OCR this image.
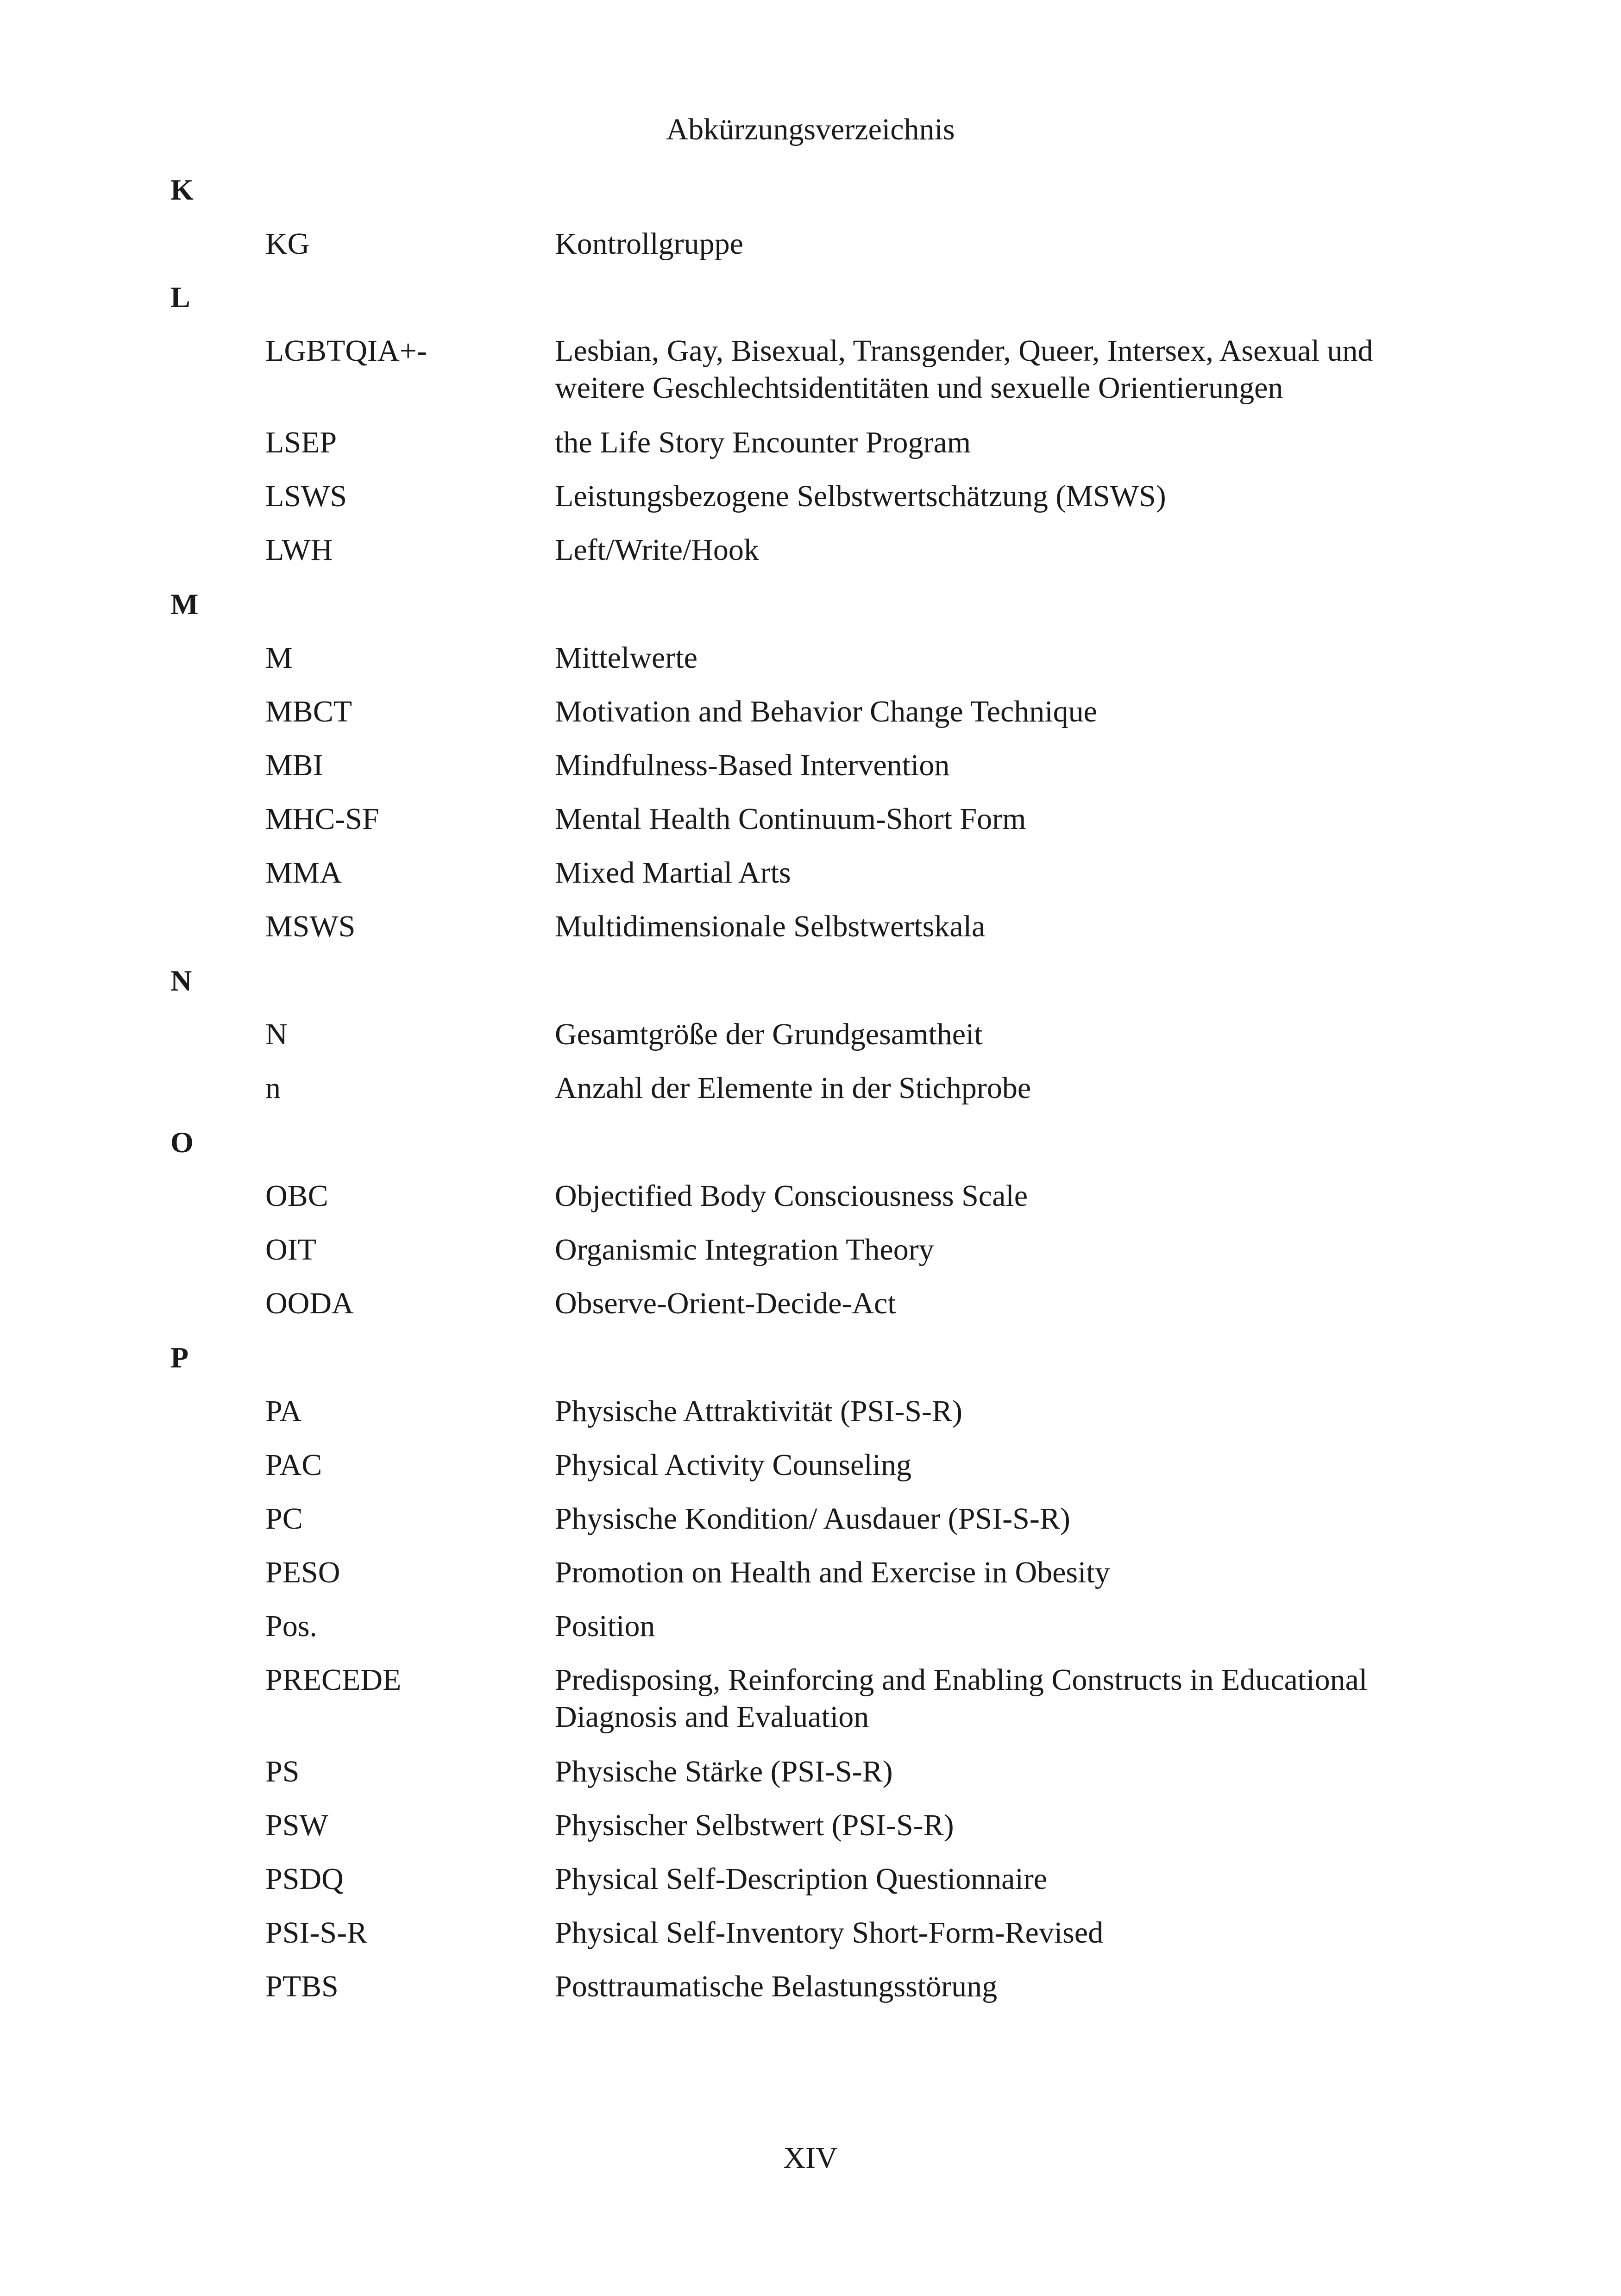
Abkürzungsverzeichnis
K
KG	Kontrollgruppe
L
LGBTQIA+-	Lesbian, Gay, Bisexual, Transgender, Queer, Intersex, Asexual und weitere Geschlechtsidentitäten und sexuelle Orientierungen
LSEP	the Life Story Encounter Program
LSWS	Leistungsbezogene Selbstwertschätzung (MSWS)
LWH	Left/Write/Hook
M
M	Mittelwerte
MBCT	Motivation and Behavior Change Technique
MBI	Mindfulness-Based Intervention
MHC-SF	Mental Health Continuum-Short Form
MMA	Mixed Martial Arts
MSWS	Multidimensionale Selbstwertskala
N
N	Gesamtgröße der Grundgesamtheit
n	Anzahl der Elemente in der Stichprobe
O
OBC	Objectified Body Consciousness Scale
OIT	Organismic Integration Theory
OODA	Observe-Orient-Decide-Act
P
PA	Physische Attraktivität (PSI-S-R)
PAC	Physical Activity Counseling
PC	Physische Kondition/ Ausdauer (PSI-S-R)
PESO	Promotion on Health and Exercise in Obesity
Pos.	Position
PRECEDE	Predisposing, Reinforcing and Enabling Constructs in Educational Diagnosis and Evaluation
PS	Physische Stärke (PSI-S-R)
PSW	Physischer Selbstwert (PSI-S-R)
PSDQ	Physical Self-Description Questionnaire
PSI-S-R	Physical Self-Inventory Short-Form-Revised
PTBS	Posttraumatische Belastungsstörung
XIV
